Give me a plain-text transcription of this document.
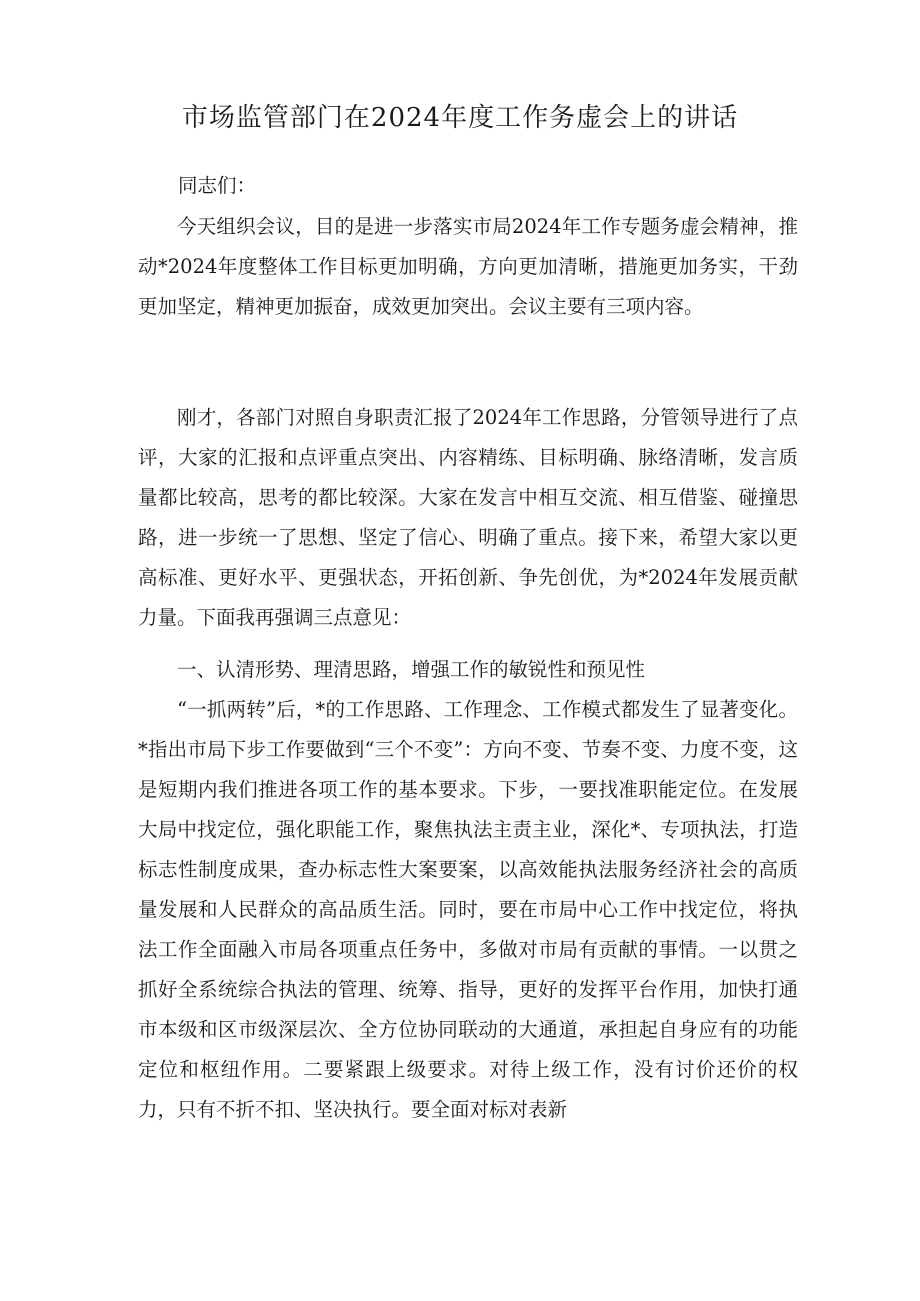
市场监管部门在2024年度工作务虚会上的讲话
同志们：

今天组织会议，目的是进一步落实市局2024年工作专题务虚会精神，推动*2024年度整体工作目标更加明确，方向更加清晰，措施更加务实，干劲更加坚定，精神更加振奋，成效更加突出。会议主要有三项内容。

刚才，各部门对照自身职责汇报了2024年工作思路，分管领导进行了点评，大家的汇报和点评重点突出、内容精练、目标明确、脉络清晰，发言质量都比较高，思考的都比较深。大家在发言中相互交流、相互借鉴、碰撞思路，进一步统一了思想、坚定了信心、明确了重点。接下来，希望大家以更高标准、更好水平、更强状态，开拓创新、争先创优，为*2024年发展贡献力量。下面我再强调三点意见：

一、认清形势、理清思路，增强工作的敏锐性和预见性

“一抓两转”后，*的工作思路、工作理念、工作模式都发生了显著变化。*指出市局下步工作要做到“三个不变”：方向不变、节奏不变、力度不变，这是短期内我们推进各项工作的基本要求。下步，一要找准职能定位。在发展大局中找定位，强化职能工作，聚焦执法主责主业，深化*、专项执法，打造标志性制度成果，查办标志性大案要案，以高效能执法服务经济社会的高质量发展和人民群众的高品质生活。同时，要在市局中心工作中找定位，将执法工作全面融入市局各项重点任务中，多做对市局有贡献的事情。一以贯之抓好全系统综合执法的管理、统筹、指导，更好的发挥平台作用，加快打通市本级和区市级深层次、全方位协同联动的大通道，承担起自身应有的功能定位和枢纽作用。二要紧跟上级要求。对待上级工作，没有讨价还价的权力，只有不折不扣、坚决执行。要全面对标对表新
